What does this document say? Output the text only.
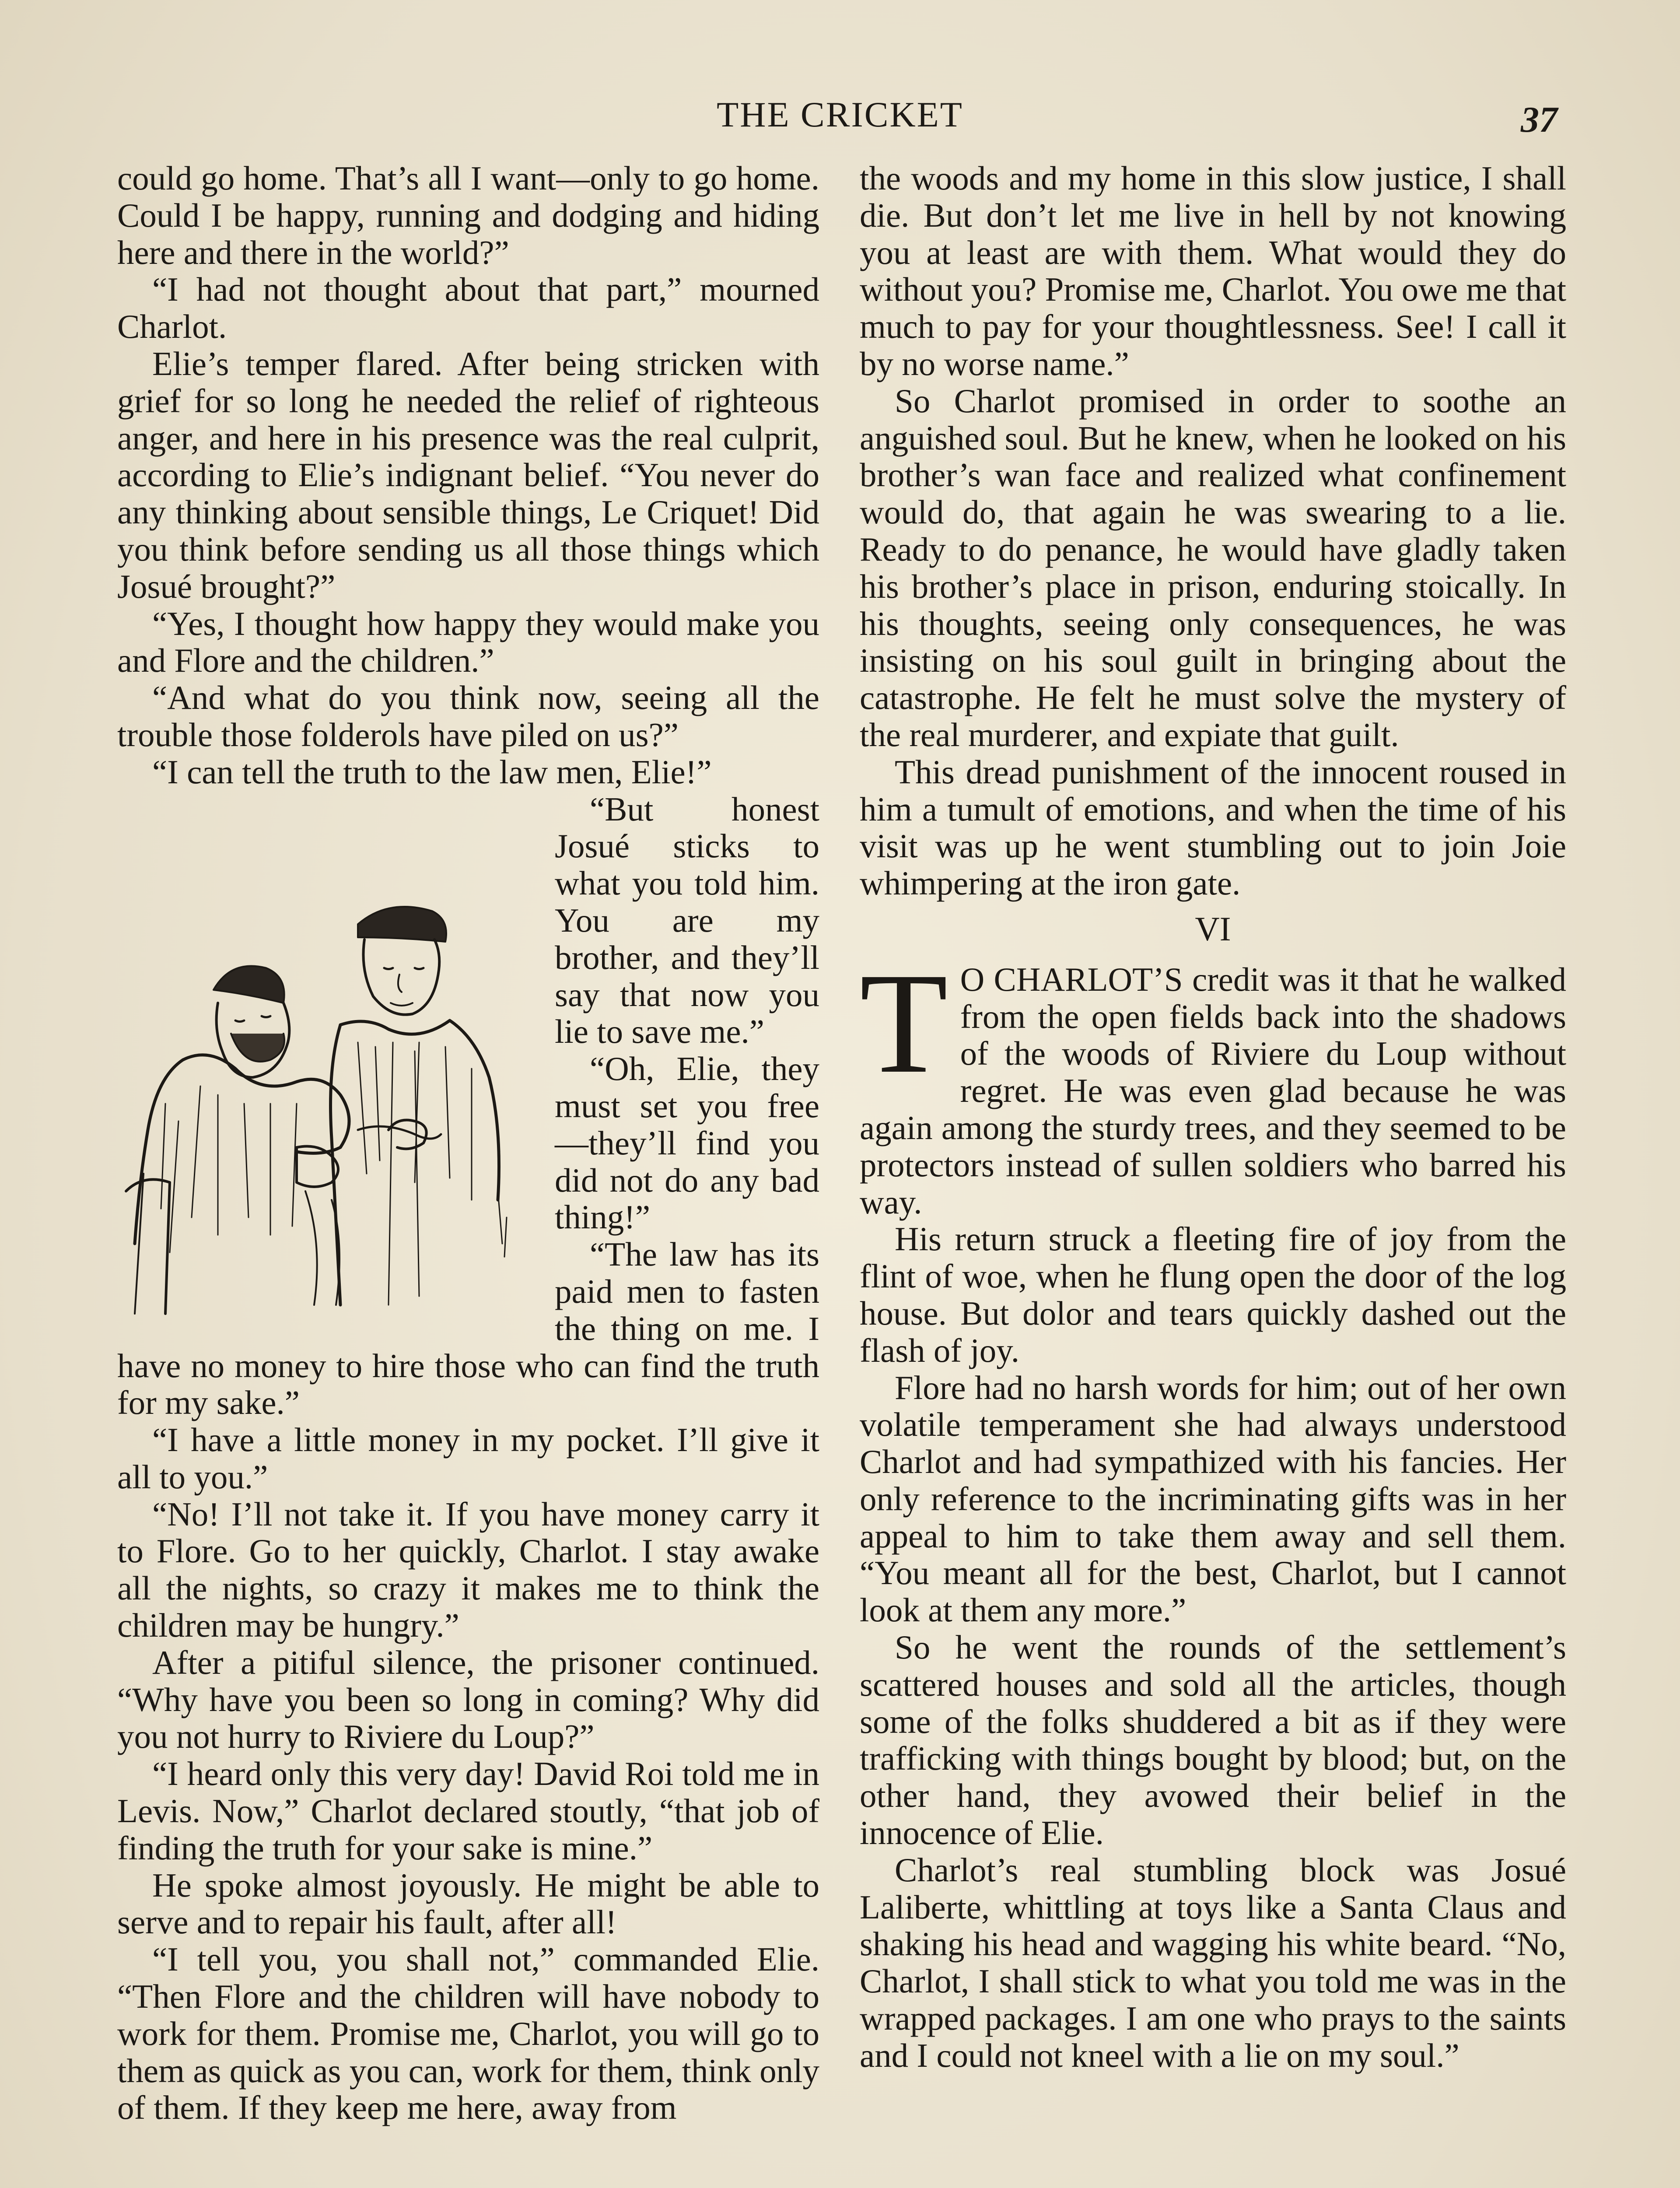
THE CRICKET	37

could go home. That’s all I want—only to go home. Could I be happy, running and dodging and hiding here and there in the world?”

“I had not thought about that part,” mourned Charlot.

Elie’s temper flared. After being stricken with grief for so long he needed the relief of righteous anger, and here in his presence was the real culprit, according to Elie’s indignant belief. “You never do any thinking about sensible things, Le Criquet! Did you think before sending us all those things which Josué brought?”

“Yes, I thought how happy they would make you and Flore and the children.”

“And what do you think now, seeing all the trouble those folderols have piled on us?”

“I can tell the truth to the law men, Elie!”

“But honest Josué sticks to what you told him. You are my brother, and they’ll say that now you lie to save me.”

“Oh, Elie, they must set you free—they’ll find you did not do any bad thing!”

“The law has its paid men to fasten the thing on me. I have no money to hire those who can find the truth for my sake.”

“I have a little money in my pocket. I’ll give it all to you.”

“No! I’ll not take it. If you have money carry it to Flore. Go to her quickly, Charlot. I stay awake all the nights, so crazy it makes me to think the children may be hungry.”

After a pitiful silence, the prisoner continued. “Why have you been so long in coming? Why did you not hurry to Riviere du Loup?”

“I heard only this very day! David Roi told me in Levis. Now,” Charlot declared stoutly, “that job of finding the truth for your sake is mine.”

He spoke almost joyously. He might be able to serve and to repair his fault, after all!

“I tell you, you shall not,” commanded Elie. “Then Flore and the children will have nobody to work for them. Promise me, Charlot, you will go to them as quick as you can, work for them, think only of them. If they keep me here, away from

the woods and my home in this slow justice, I shall die. But don’t let me live in hell by not knowing you at least are with them. What would they do without you? Promise me, Charlot. You owe me that much to pay for your thoughtlessness. See! I call it by no worse name.”

So Charlot promised in order to soothe an anguished soul. But he knew, when he looked on his brother’s wan face and realized what confinement would do, that again he was swearing to a lie. Ready to do penance, he would have gladly taken his brother’s place in prison, enduring stoically. In his thoughts, seeing only consequences, he was insisting on his soul guilt in bringing about the catastrophe. He felt he must solve the mystery of the real murderer, and expiate that guilt.

This dread punishment of the innocent roused in him a tumult of emotions, and when the time of his visit was up he went stumbling out to join Joie whimpering at the iron gate.

VI

T O CHARLOT’S credit was it that he walked from the open fields back into the shadows of the woods of Riviere du Loup without regret. He was even glad because he was again among the sturdy trees, and they seemed to be protectors instead of sullen soldiers who barred his way.

His return struck a fleeting fire of joy from the flint of woe, when he flung open the door of the log house. But dolor and tears quickly dashed out the flash of joy.

Flore had no harsh words for him; out of her own volatile temperament she had always understood Charlot and had sympathized with his fancies. Her only reference to the incriminating gifts was in her appeal to him to take them away and sell them. “You meant all for the best, Charlot, but I cannot look at them any more.”

So he went the rounds of the settlement’s scattered houses and sold all the articles, though some of the folks shuddered a bit as if they were trafficking with things bought by blood; but, on the other hand, they avowed their belief in the innocence of Elie.

Charlot’s real stumbling block was Josué Laliberte, whittling at toys like a Santa Claus and shaking his head and wagging his white beard. “No, Charlot, I shall stick to what you told me was in the wrapped packages. I am one who prays to the saints and I could not kneel with a lie on my soul.”
